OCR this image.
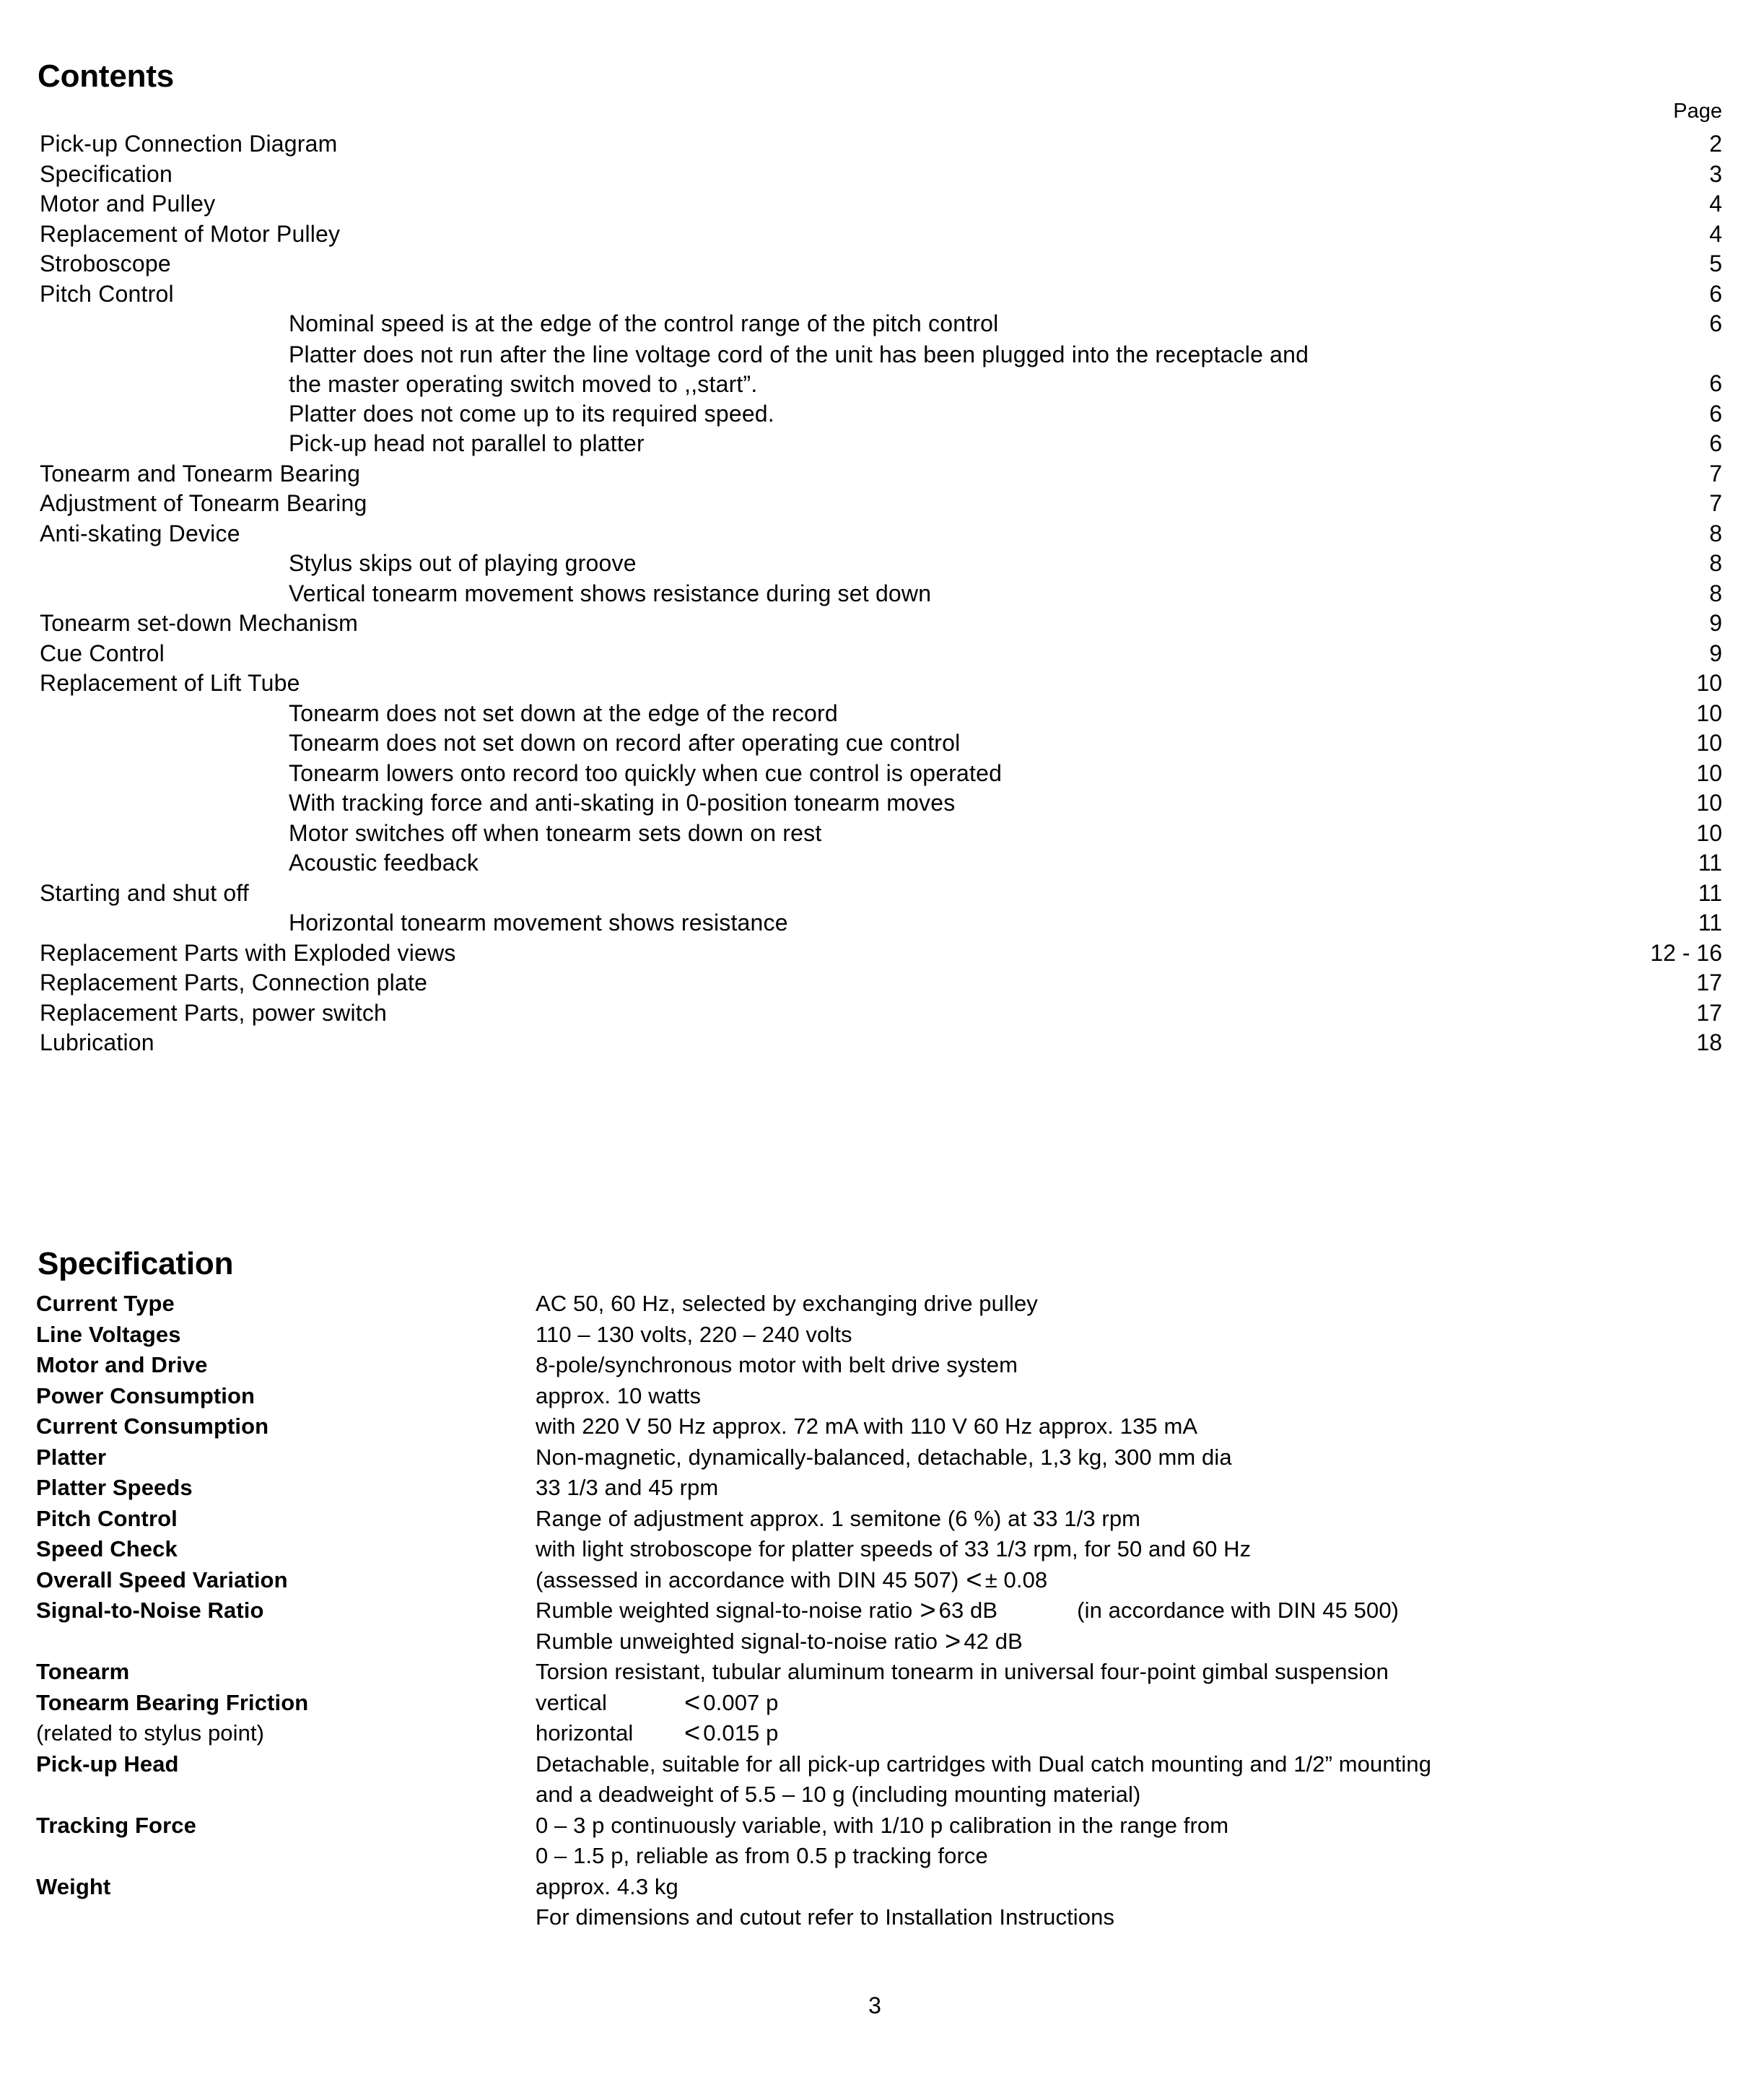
Contents
Page
Pick-up Connection Diagram	2
Specification	3
Motor and Pulley	4
Replacement of Motor Pulley	4
Stroboscope	5
Pitch Control	6
Nominal speed is at the edge of the control range of the pitch control	6
Platter does not run after the line voltage cord of the unit has been plugged into the receptacle and the master operating switch moved to ,,start”.	6
Platter does not come up to its required speed.	6
Pick-up head not parallel to platter	6
Tonearm and Tonearm Bearing	7
Adjustment of Tonearm Bearing	7
Anti-skating Device	8
Stylus skips out of playing groove	8
Vertical tonearm movement shows resistance during set down	8
Tonearm set-down Mechanism	9
Cue Control	9
Replacement of Lift Tube	10
Tonearm does not set down at the edge of the record	10
Tonearm does not set down on record after operating cue control	10
Tonearm lowers onto record too quickly when cue control is operated	10
With tracking force and anti-skating in 0-position tonearm moves	10
Motor switches off when tonearm sets down on rest	10
Acoustic feedback	11
Starting and shut off	11
Horizontal tonearm movement shows resistance	11
Replacement Parts with Exploded views	12 - 16
Replacement Parts, Connection plate	17
Replacement Parts, power switch	17
Lubrication	18
Specification
Current Type	AC 50, 60 Hz, selected by exchanging drive pulley
Line Voltages	110 – 130 volts, 220 – 240 volts
Motor and Drive	8-pole/synchronous motor with belt drive system
Power Consumption	approx. 10 watts
Current Consumption	with 220 V 50 Hz approx. 72 mA with 110 V 60 Hz approx. 135 mA
Platter	Non-magnetic, dynamically-balanced, detachable, 1,3 kg, 300 mm dia
Platter Speeds	33 1/3 and 45 rpm
Pitch Control	Range of adjustment approx. 1 semitone (6 %) at 33 1/3 rpm
Speed Check	with light stroboscope for platter speeds of 33 1/3 rpm, for 50 and 60 Hz
Overall Speed Variation	(assessed in accordance with DIN 45 507) < ± 0.08
Signal-to-Noise Ratio	Rumble weighted signal-to-noise ratio > 63 dB	(in accordance with DIN 45 500)
Rumble unweighted signal-to-noise ratio > 42 dB
Tonearm	Torsion resistant, tubular aluminum tonearm in universal four-point gimbal suspension
Tonearm Bearing Friction	vertical	< 0.007 p
(related to stylus point)	horizontal < 0.015 p
Pick-up Head	Detachable, suitable for all pick-up cartridges with Dual catch mounting and 1/2” mounting
and a deadweight of 5.5 – 10 g (including mounting material)
Tracking Force	0 – 3 p continuously variable, with 1/10 p calibration in the range from
0 – 1.5 p, reliable as from 0.5 p tracking force
Weight	approx. 4.3 kg
For dimensions and cutout refer to Installation Instructions
3
